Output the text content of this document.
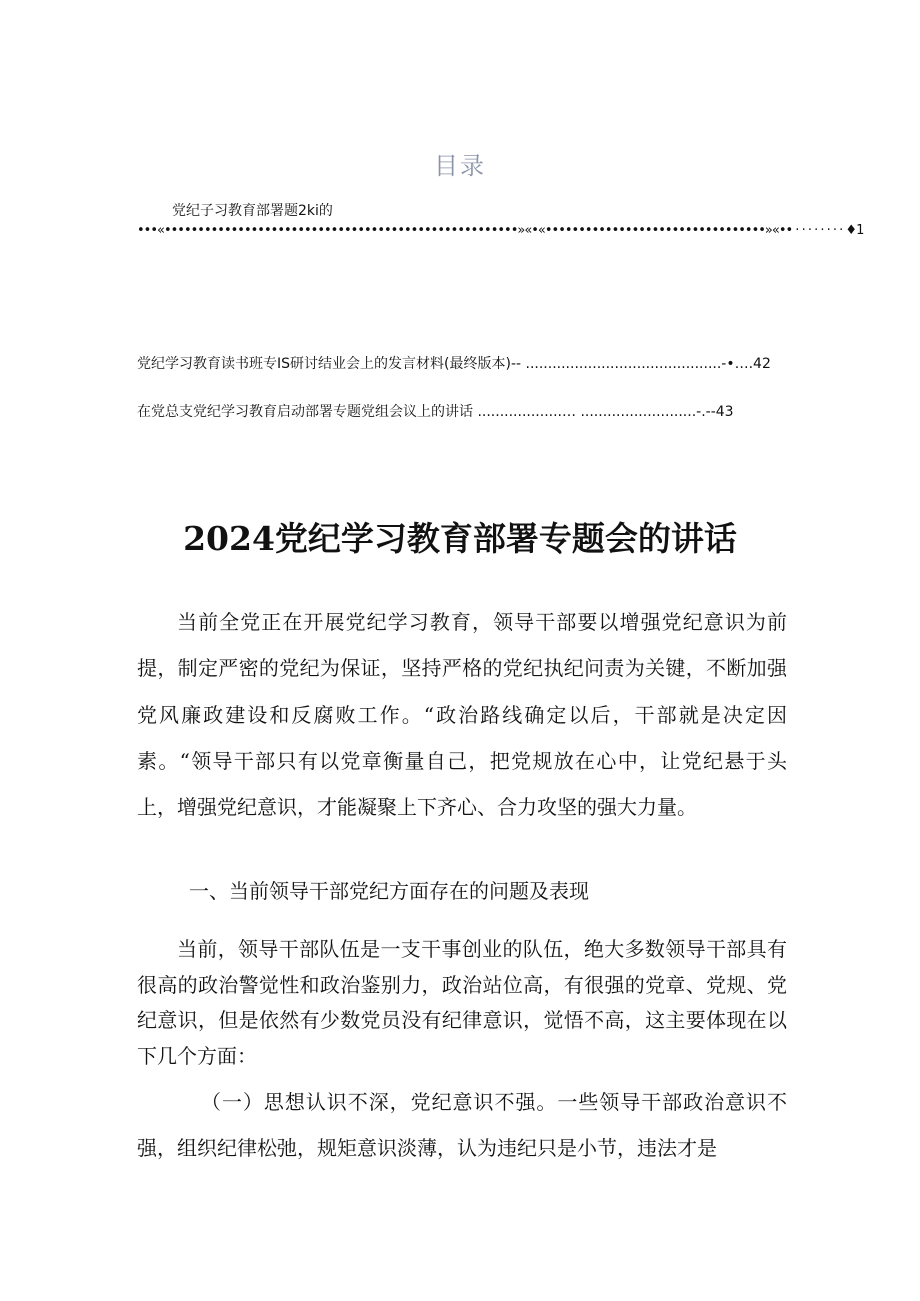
目录
党纪子习教育部署题2ki的
•••«•••••••••••••••••••••••••••••••••••••••••••••••••••••»«•«•••••••••••••••••••••••••••••••••»«•• · · · · · · · · ♦1
党纪学习教育读书班专IS研讨结业会上的发言材料(最终版本)-- ............................................-•….42
在党总支党纪学习教育启动部署专题党组会议上的讲话 ...................… ..........................-.--43
2024党纪学习教育部署专题会的讲话

当前全党正在开展党纪学习教育，领导干部要以增强党纪意识为前提，制定严密的党纪为保证，坚持严格的党纪执纪问责为关键，不断加强党风廉政建设和反腐败工作。“政治路线确定以后，干部就是决定因素。“领导干部只有以党章衡量自己，把党规放在心中，让党纪悬于头上，增强党纪意识，才能凝聚上下齐心、合力攻坚的强大力量。

一、当前领导干部党纪方面存在的问题及表现

当前，领导干部队伍是一支干事创业的队伍，绝大多数领导干部具有很高的政治警觉性和政治鉴别力，政治站位高，有很强的党章、党规、党纪意识，但是依然有少数党员没有纪律意识，觉悟不高，这主要体现在以下几个方面：

（一）思想认识不深，党纪意识不强。一些领导干部政治意识不强，组织纪律松弛，规矩意识淡薄，认为违纪只是小节，违法才是
